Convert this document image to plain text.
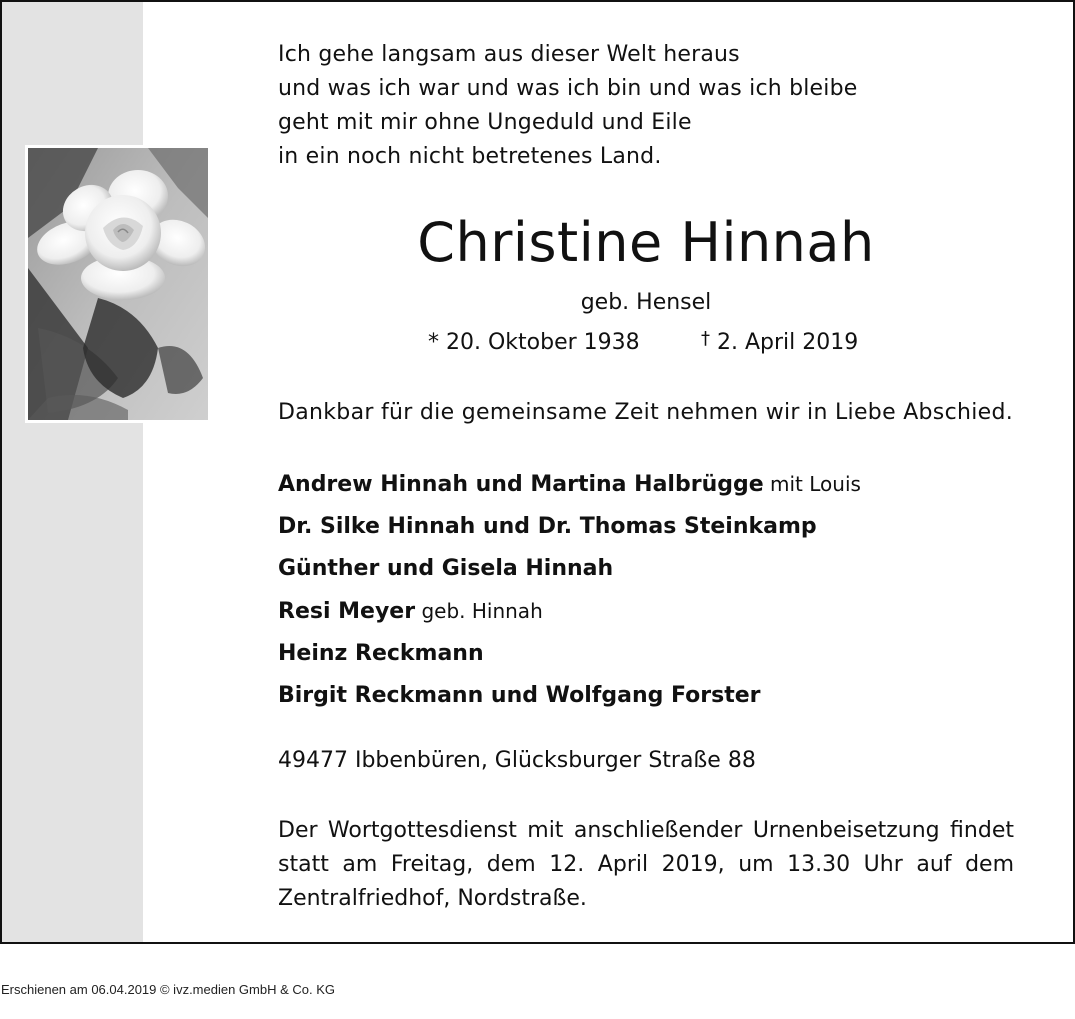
Ich gehe langsam aus dieser Welt heraus
und was ich war und was ich bin und was ich bleibe
geht mit mir ohne Ungeduld und Eile
in ein noch nicht betretenes Land.
Christine Hinnah
geb. Hensel
* 20. Oktober 1938	† 2. April 2019
Dankbar für die gemeinsame Zeit nehmen wir in Liebe Abschied.
Andrew Hinnah und Martina Halbrügge mit Louis
Dr. Silke Hinnah und Dr. Thomas Steinkamp
Günther und Gisela Hinnah
Resi Meyer geb. Hinnah
Heinz Reckmann
Birgit Reckmann und Wolfgang Forster
49477 Ibbenbüren, Glücksburger Straße 88
Der Wortgottesdienst mit anschließender Urnenbeisetzung findet statt am Freitag, dem 12. April 2019, um 13.30 Uhr auf dem Zentralfriedhof, Nordstraße.
Erschienen am 06.04.2019 © ivz.medien GmbH & Co. KG
